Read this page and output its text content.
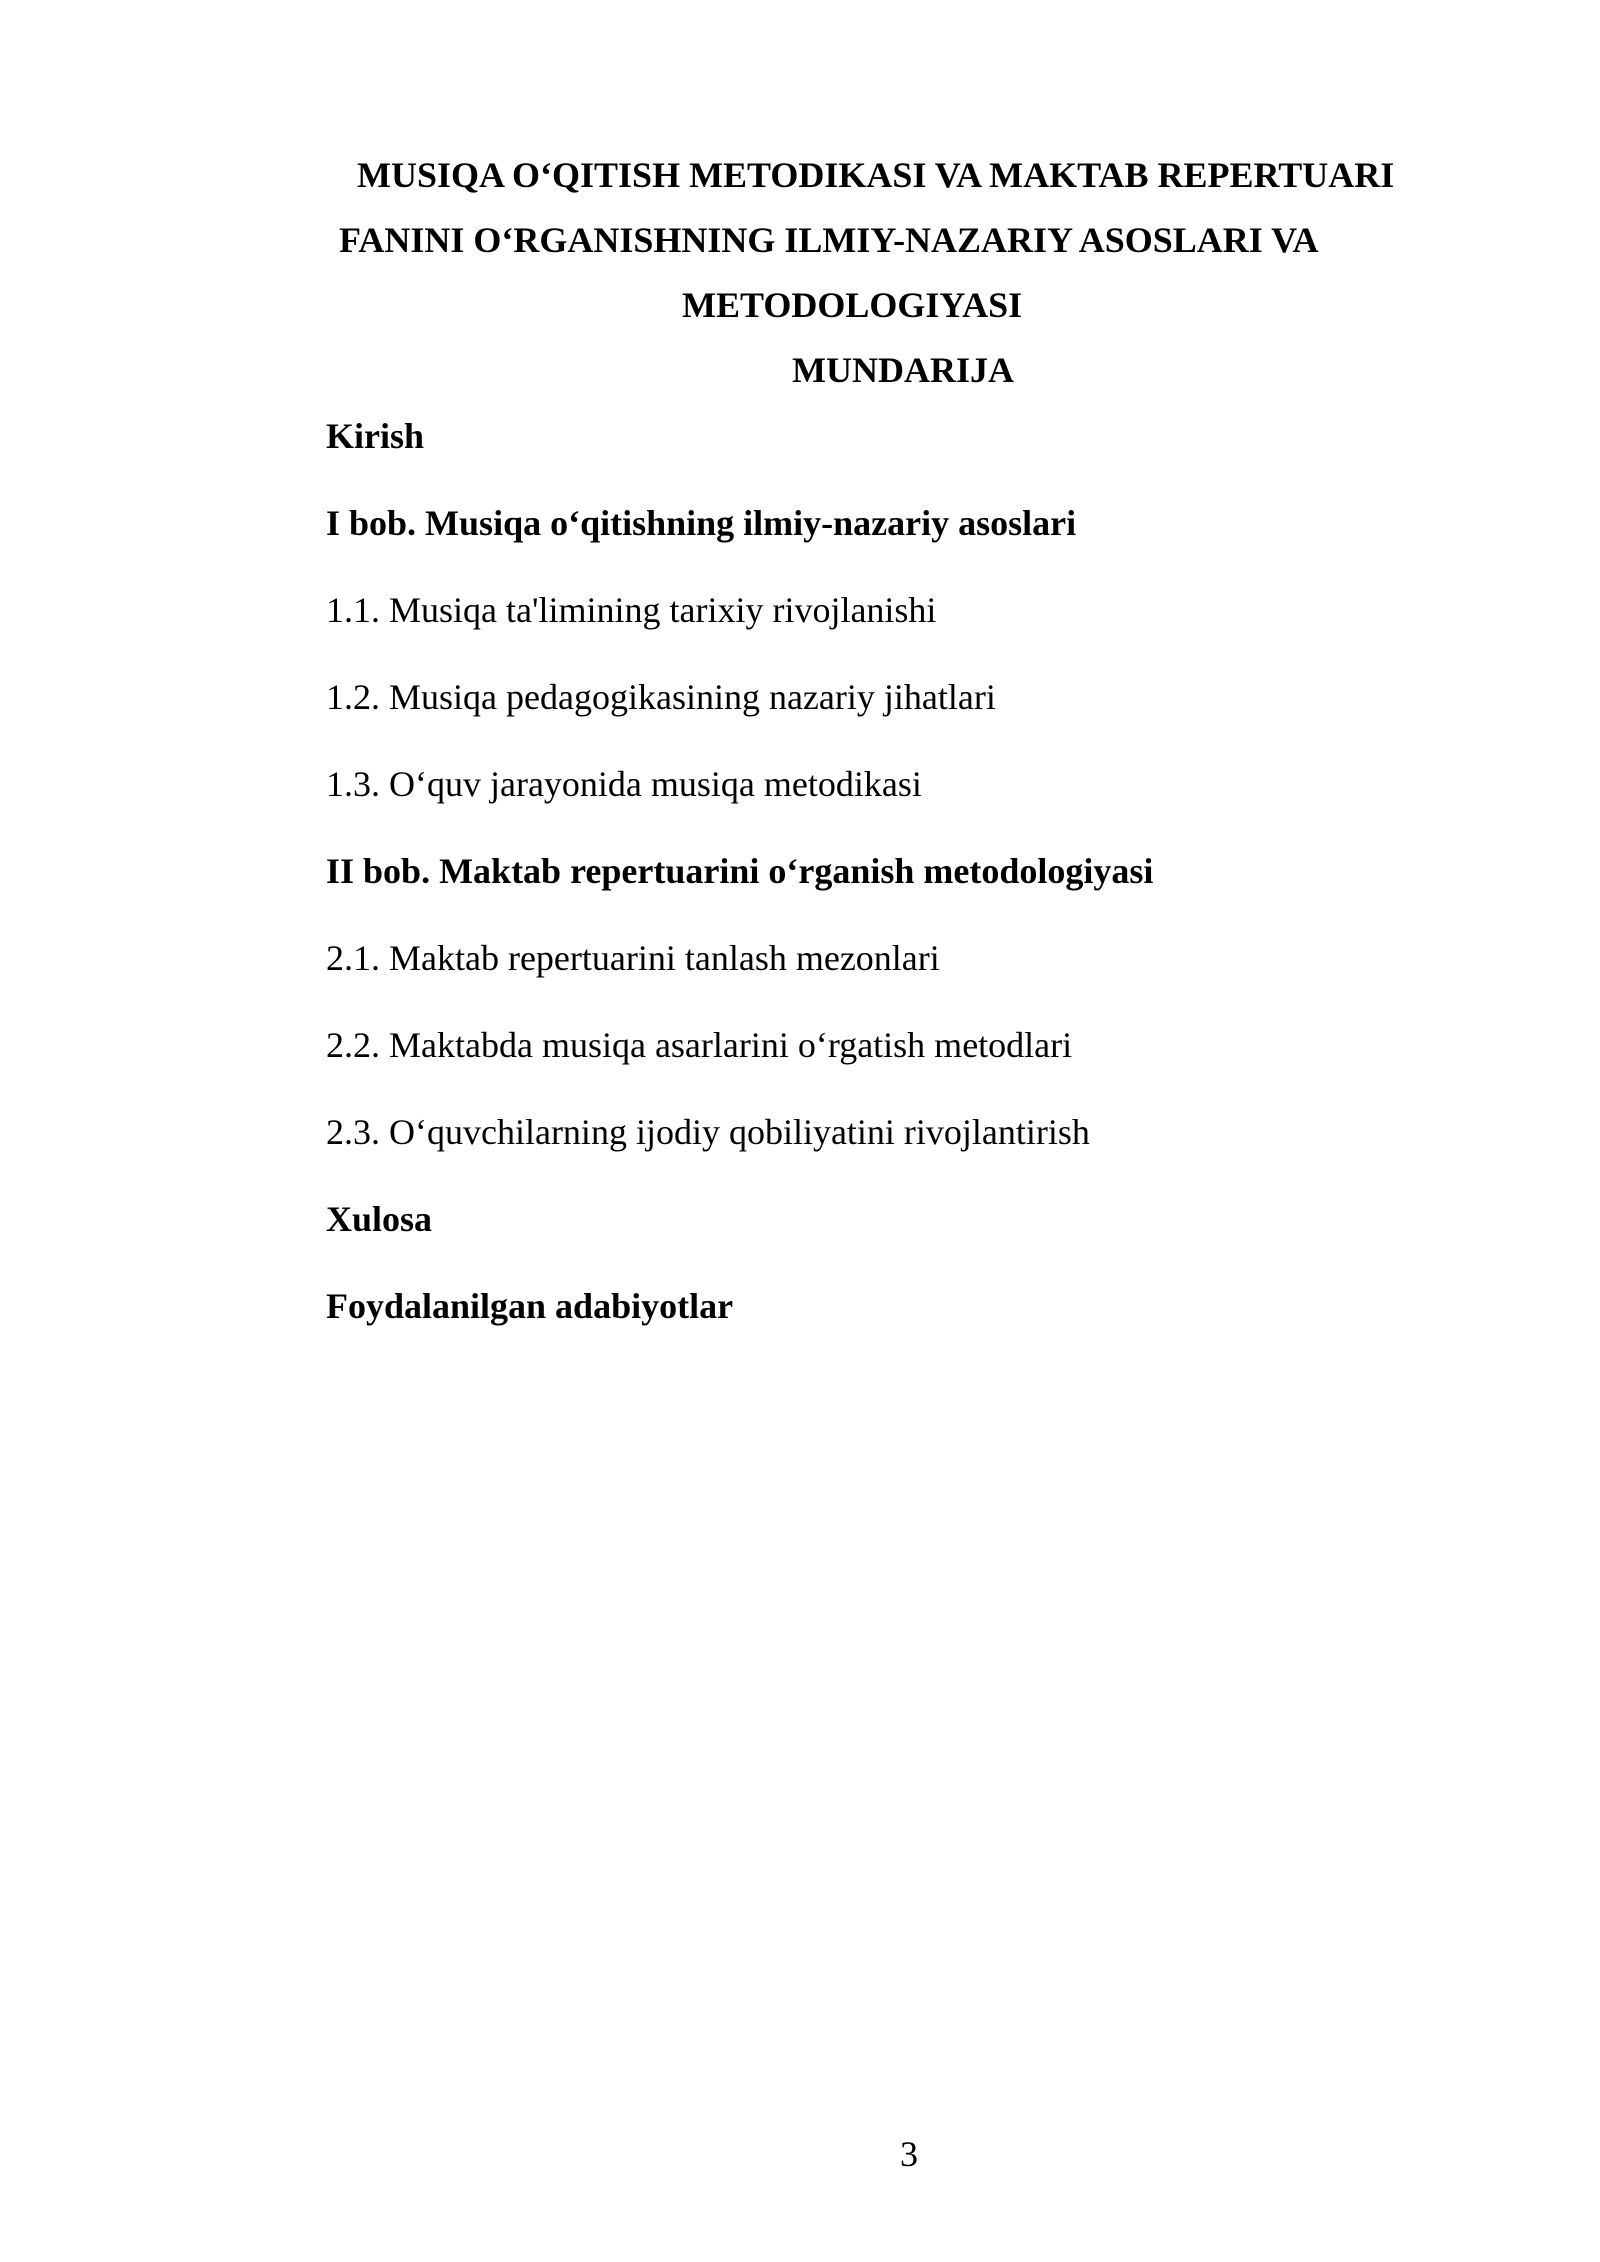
MUSIQA O‘QITISH METODIKASI VA MAKTAB REPERTUARI
FANINI O‘RGANISHNING ILMIY-NAZARIY ASOSLARI VA
METODOLOGIYASI
MUNDARIJA
Kirish
I bob. Musiqa o‘qitishning ilmiy-nazariy asoslari
1.1. Musiqa ta'limining tarixiy rivojlanishi
1.2. Musiqa pedagogikasining nazariy jihatlari
1.3. O‘quv jarayonida musiqa metodikasi
II bob. Maktab repertuarini o‘rganish metodologiyasi
2.1. Maktab repertuarini tanlash mezonlari
2.2. Maktabda musiqa asarlarini o‘rgatish metodlari
2.3. O‘quvchilarning ijodiy qobiliyatini rivojlantirish
Xulosa
Foydalanilgan adabiyotlar
3
